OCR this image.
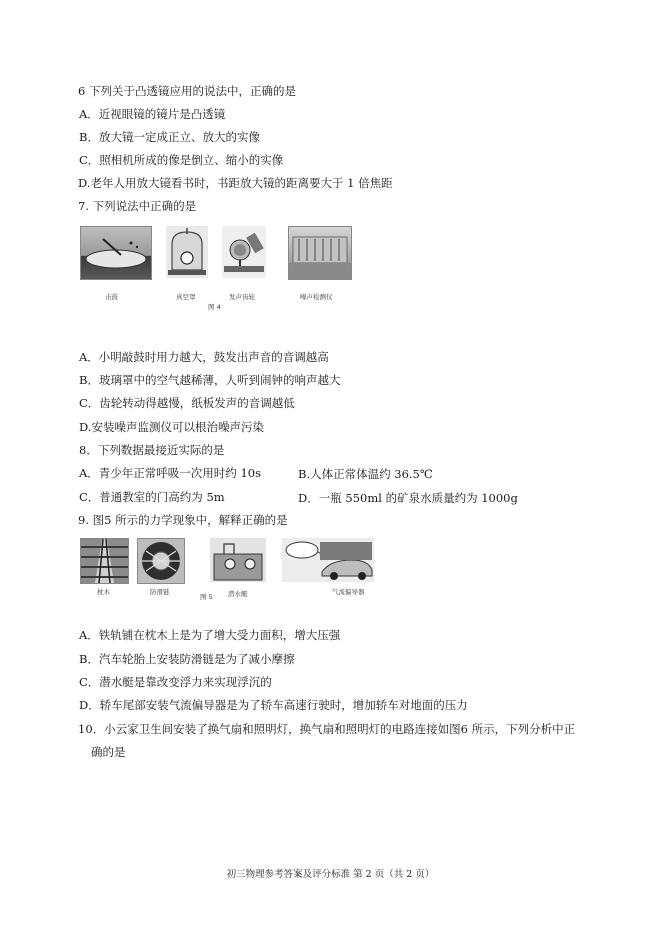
6 下列关于凸透镜应用的说法中，正确的是
A．近视眼镜的镜片是凸透镜
B．放大镜一定成正立、放大的实像
C．照相机所成的像是倒立、缩小的实像
D.老年人用放大镜看书时，书距放大镜的距离要大于 1 倍焦距
7. 下列说法中正确的是
击鼓	真空罩	发声齿轮	噪声检测仪
图 4
A．小明敲鼓时用力越大，鼓发出声音的音调越高
B．玻璃罩中的空气越稀薄，人听到闹钟的响声越大
C．齿轮转动得越慢，纸板发声的音调越低
D.安装噪声监测仪可以根治噪声污染
8．下列数据最接近实际的是
A．青少年正常呼吸一次用时约 10s	B.人体正常体温约 36.5℃
C．普通教室的门高约为 5m	D．一瓶 550ml 的矿泉水质量约为 1000g
9. 图5 所示的力学现象中，解释正确的是
枕木	防滑链	潜水艇	气流偏导器
图 5
A．铁轨铺在枕木上是为了增大受力面积，增大压强
B．汽车轮胎上安装防滑链是为了减小摩擦
C．潜水艇是靠改变浮力来实现浮沉的
D．轿车尾部安装气流偏导器是为了轿车高速行驶时，增加轿车对地面的压力
10．小云家卫生间安装了换气扇和照明灯，换气扇和照明灯的电路连接如图6 所示，下列分析中正
确的是
初三物理参考答案及评分标准 第 2 页（共 2 页）
